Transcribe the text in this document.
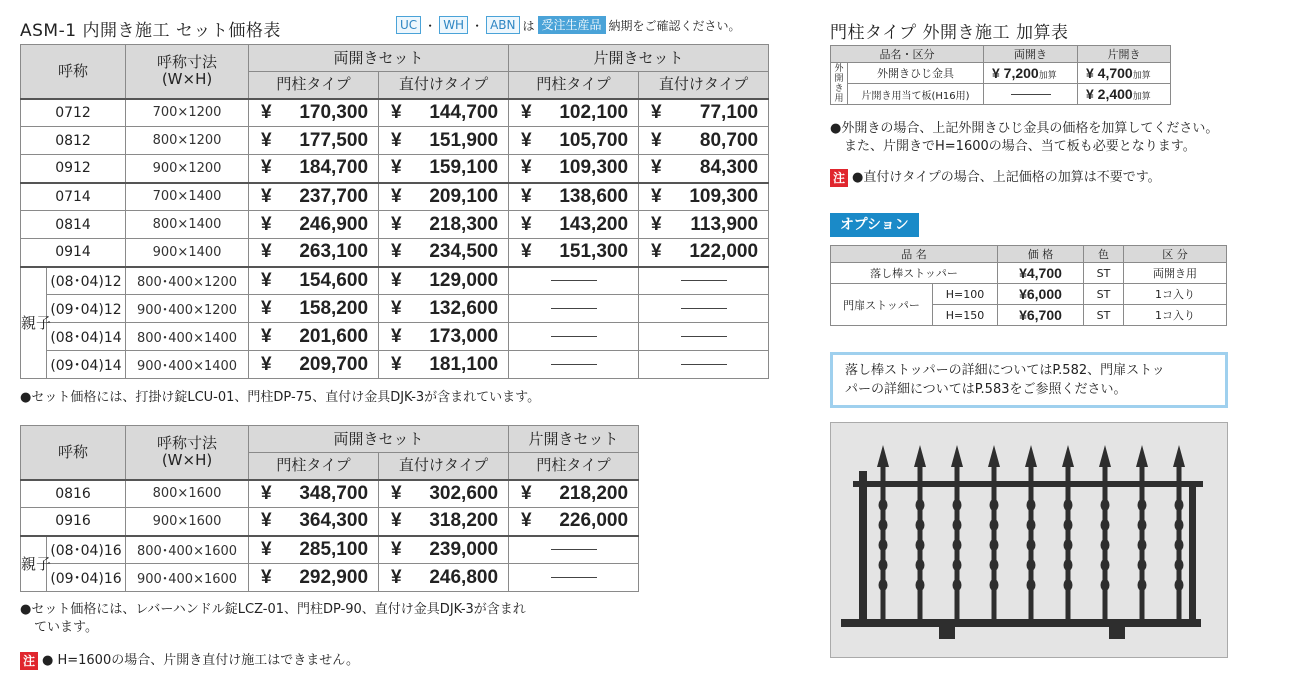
ASM-1 内開き施工 セット価格表	UC ・ WH ・ ABN は 受注生産品 納期をご確認ください。
呼称		呼称寸法
(W×H)	両開きセット		片開きセット	
			門柱タイプ	直付けタイプ	門柱タイプ	直付けタイプ
0712		700×1200	¥ 170,300	¥ 144,700	¥ 102,100	¥ 77,100
0812		800×1200	¥ 177,500	¥ 151,900	¥ 105,700	¥ 80,700
0912		900×1200	¥ 184,700	¥ 159,100	¥ 109,300	¥ 84,300
0714		700×1400	¥ 237,700	¥ 209,100	¥ 138,600	¥ 109,300
0814		800×1400	¥ 246,900	¥ 218,300	¥ 143,200	¥ 113,900
0914		900×1400	¥ 263,100	¥ 234,500	¥ 151,300	¥ 122,000
親子	(08･04)12	800･400×1200	¥ 154,600	¥ 129,000		
	(09･04)12	900･400×1200	¥ 158,200	¥ 132,600		
	(08･04)14	800･400×1400	¥ 201,600	¥ 173,000		
	(09･04)14	900･400×1400	¥ 209,700	¥ 181,100		
●セット価格には、打掛け錠LCU-01、門柱DP-75、直付け金具DJK-3が含まれています。
呼称		呼称寸法
(W×H)	両開きセット		片開きセット
			門柱タイプ	直付けタイプ	門柱タイプ
0816		800×1600	¥ 348,700	¥ 302,600	¥ 218,200
0916		900×1600	¥ 364,300	¥ 318,200	¥ 226,000
親子	(08･04)16	800･400×1600	¥ 285,100	¥ 239,000	
	(09･04)16	900･400×1600	¥ 292,900	¥ 246,800	
●セット価格には、レバーハンドル錠LCZ-01、門柱DP-90、直付け金具DJK-3が含まれ
ています。
注 ● H=1600の場合、片開き直付け施工はできません。
門柱タイプ 外開き施工 加算表
品名・区分		両開き	片開き
外開き用	外開きひじ金具	¥ 7,200加算	¥ 4,700加算
	片開き用当て板(H16用)		¥ 2,400加算
●外開きの場合、上記外開きひじ金具の価格を加算してください。
また、片開きでH=1600の場合、当て板も必要となります。
注 ●直付けタイプの場合、上記価格の加算は不要です。
オプション
品 名		価 格	色	区 分
落し棒ストッパー		¥4,700	ST	両開き用
門扉ストッパー	H=100	¥6,000	ST	1コ入り
	H=150	¥6,700	ST	1コ入り
落し棒ストッパーの詳細についてはP.582、門扉ストッ
パーの詳細についてはP.583をご参照ください。
